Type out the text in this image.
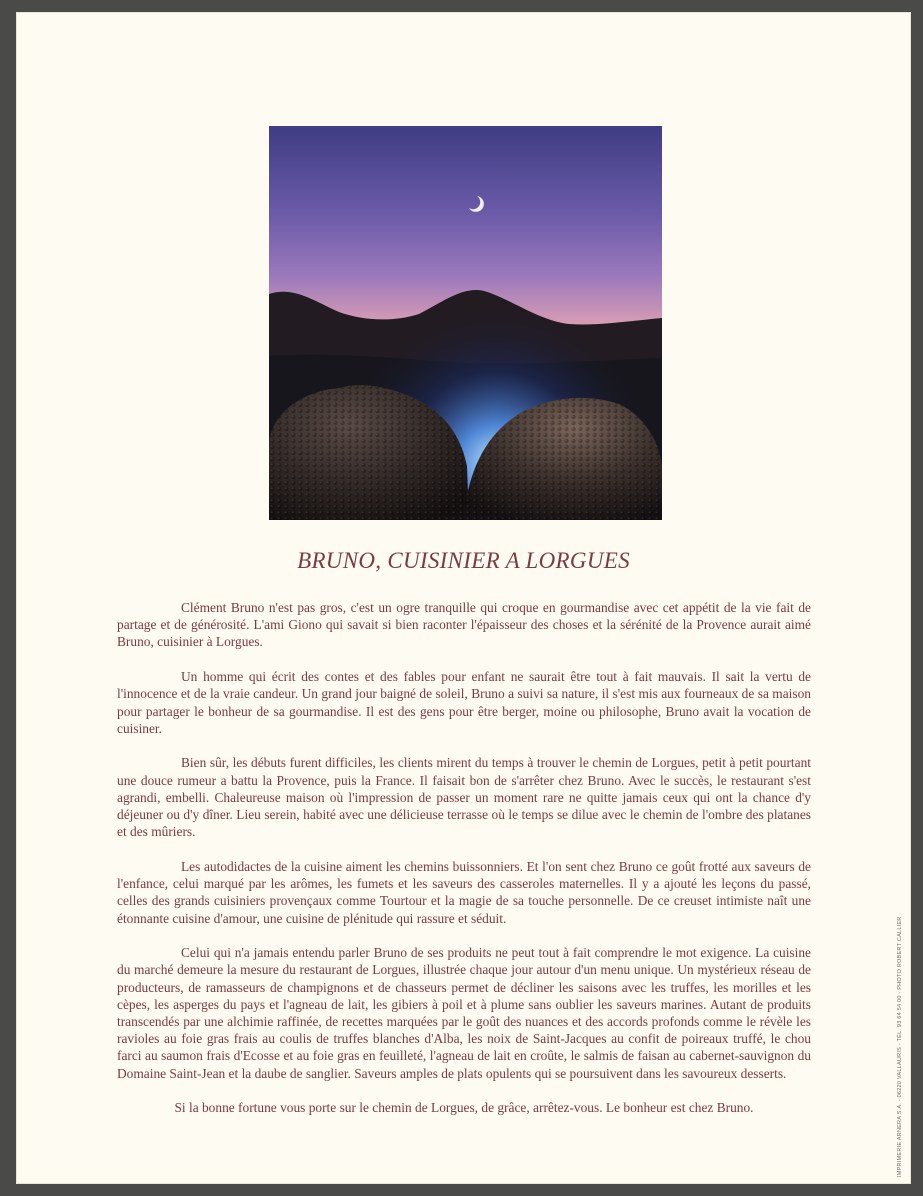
BRUNO, CUISINIER A LORGUES

Clément Bruno n'est pas gros, c'est un ogre tranquille qui croque en gourmandise avec cet appétit de la vie fait de partage et de générosité. L'ami Giono qui savait si bien raconter l'épaisseur des choses et la sérénité de la Provence aurait aimé Bruno, cuisinier à Lorgues.

Un homme qui écrit des contes et des fables pour enfant ne saurait être tout à fait mauvais. Il sait la vertu de l'innocence et de la vraie candeur. Un grand jour baigné de soleil, Bruno a suivi sa nature, il s'est mis aux fourneaux de sa maison pour partager le bonheur de sa gourmandise. Il est des gens pour être berger, moine ou philosophe, Bruno avait la vocation de cuisiner.

Bien sûr, les débuts furent difficiles, les clients mirent du temps à trouver le chemin de Lorgues, petit à petit pourtant une douce rumeur a battu la Provence, puis la France. Il faisait bon de s'arrêter chez Bruno. Avec le succès, le restaurant s'est agrandi, embelli. Chaleureuse maison où l'impression de passer un moment rare ne quitte jamais ceux qui ont la chance d'y déjeuner ou d'y dîner. Lieu serein, habité avec une délicieuse terrasse où le temps se dilue avec le chemin de l'ombre des platanes et des mûriers.

Les autodidactes de la cuisine aiment les chemins buissonniers. Et l'on sent chez Bruno ce goût frotté aux saveurs de l'enfance, celui marqué par les arômes, les fumets et les saveurs des casseroles maternelles. Il y a ajouté les leçons du passé, celles des grands cuisiniers provençaux comme Tourtour et la magie de sa touche personnelle. De ce creuset intimiste naît une étonnante cuisine d'amour, une cuisine de plénitude qui rassure et séduit.

Celui qui n'a jamais entendu parler Bruno de ses produits ne peut tout à fait comprendre le mot exigence. La cuisine du marché demeure la mesure du restaurant de Lorgues, illustrée chaque jour autour d'un menu unique. Un mystérieux réseau de producteurs, de ramasseurs de champignons et de chasseurs permet de décliner les saisons avec les truffes, les morilles et les cèpes, les asperges du pays et l'agneau de lait, les gibiers à poil et à plume sans oublier les saveurs marines. Autant de produits transcendés par une alchimie raffinée, de recettes marquées par le goût des nuances et des accords profonds comme le révèle les ravioles au foie gras frais au coulis de truffes blanches d'Alba, les noix de Saint-Jacques au confit de poireaux truffé, le chou farci au saumon frais d'Ecosse et au foie gras en feuilleté, l'agneau de lait en croûte, le salmis de faisan au cabernet-sauvignon du Domaine Saint-Jean et la daube de sanglier. Saveurs amples de plats opulents qui se poursuivent dans les savoureux desserts.

Si la bonne fortune vous porte sur le chemin de Lorgues, de grâce, arrêtez-vous. Le bonheur est chez Bruno.	IMPRIMERIE ARNERA S.A. - 06220 VALLAURIS - TÉL. 93 64 54 00 - PHOTO ROBERT CALLIER
